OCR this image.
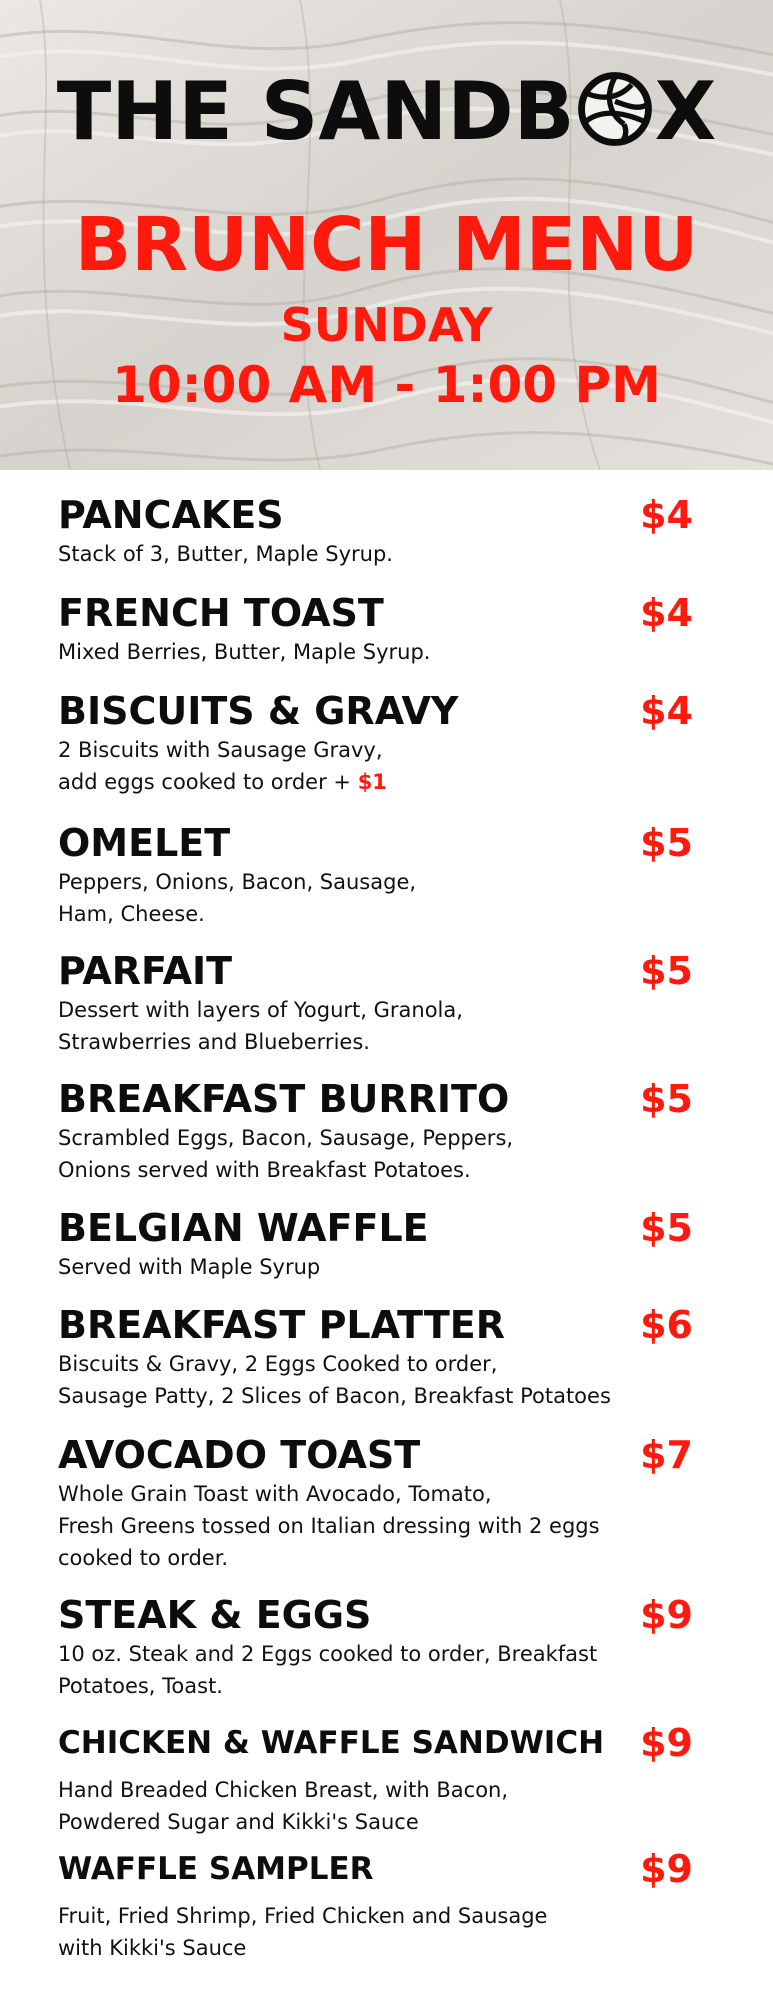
THE SANDB X
BRUNCH MENU
SUNDAY
10:00 AM - 1:00 PM
PANCAKES
Stack of 3, Butter, Maple Syrup.
$4
FRENCH TOAST
Mixed Berries, Butter, Maple Syrup.
$4
BISCUITS & GRAVY
2 Biscuits with Sausage Gravy,
add eggs cooked to order + $1
$4
OMELET
Peppers, Onions, Bacon, Sausage,
Ham, Cheese.
$5
PARFAIT
Dessert with layers of Yogurt, Granola,
Strawberries and Blueberries.
$5
BREAKFAST BURRITO
Scrambled Eggs, Bacon, Sausage, Peppers,
Onions served with Breakfast Potatoes.
$5
BELGIAN WAFFLE
Served with Maple Syrup
$5
BREAKFAST PLATTER
Biscuits & Gravy, 2 Eggs Cooked to order,
Sausage Patty, 2 Slices of Bacon, Breakfast Potatoes
$6
AVOCADO TOAST
Whole Grain Toast with Avocado, Tomato,
Fresh Greens tossed on Italian dressing with 2 eggs
cooked to order.
$7
STEAK & EGGS
10 oz. Steak and 2 Eggs cooked to order, Breakfast
Potatoes, Toast.
$9
CHICKEN & WAFFLE SANDWICH
Hand Breaded Chicken Breast, with Bacon,
Powdered Sugar and Kikki's Sauce
$9
WAFFLE SAMPLER
Fruit, Fried Shrimp, Fried Chicken and Sausage
with Kikki's Sauce
$9
